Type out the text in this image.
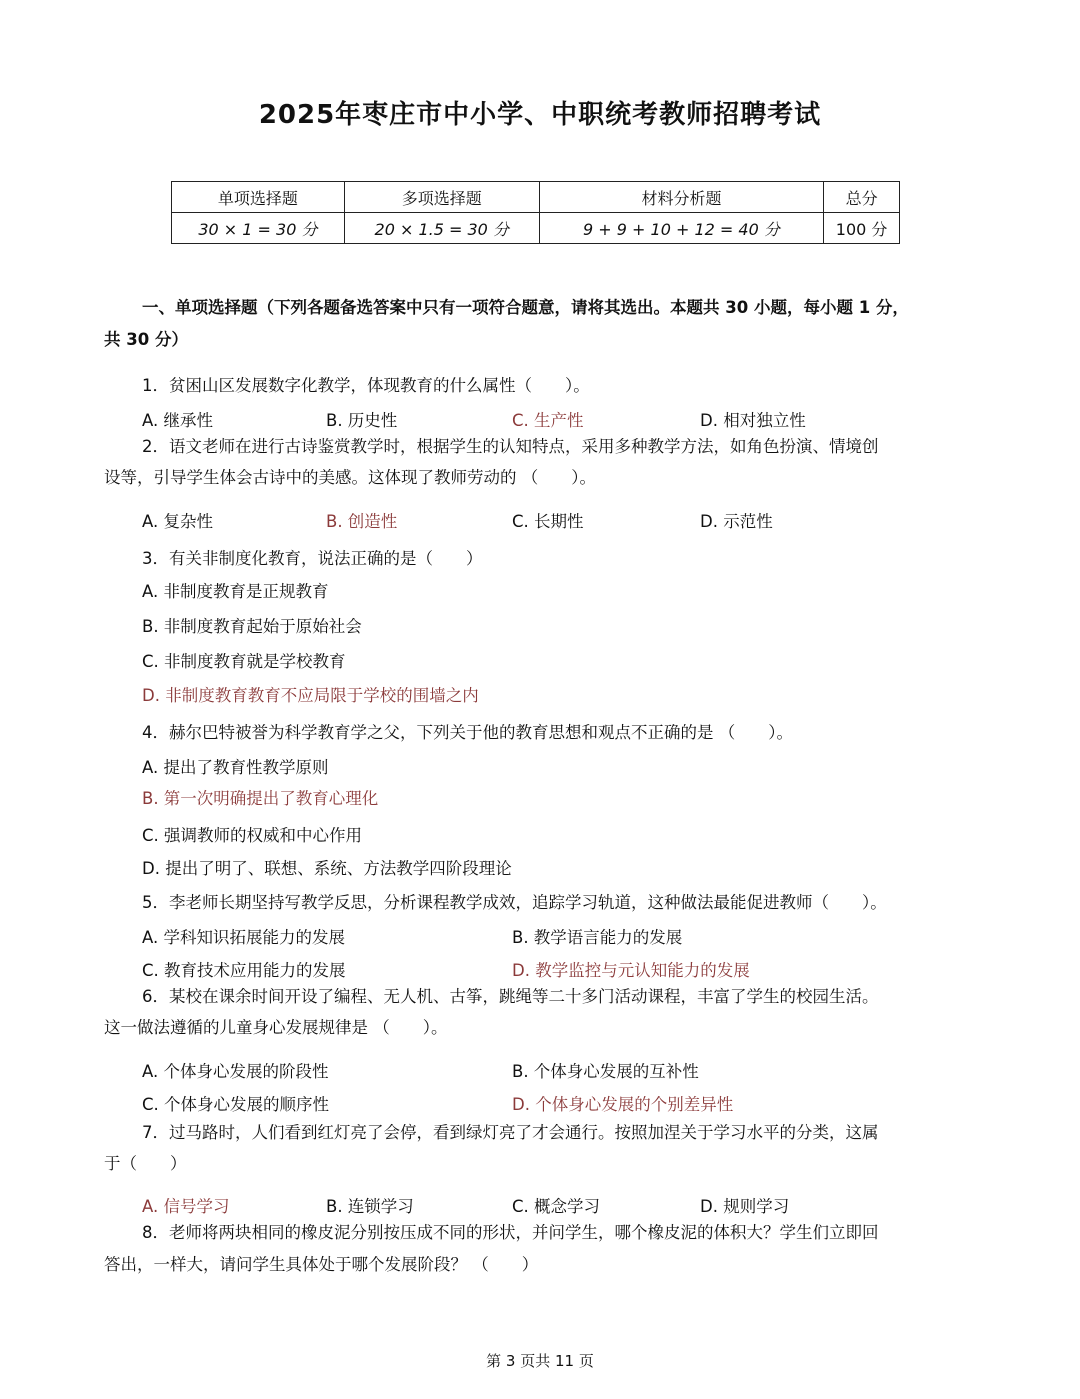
2025年枣庄市中小学、中职统考教师招聘考试
单项选择题	多项选择题	材料分析题	总分
30 × 1 = 30 分	20 × 1.5 = 30 分	9 + 9 + 10 + 12 = 40 分	100 分
一、单项选择题（下列各题备选答案中只有一项符合题意，请将其选出。本题共 30 小题，每小题 1 分，
共 30 分）
1．贫困山区发展数字化教学，体现教育的什么属性（　　）。
A. 继承性	B. 历史性	C. 生产性	D. 相对独立性
2．语文老师在进行古诗鉴赏教学时，根据学生的认知特点，采用多种教学方法，如角色扮演、情境创
设等，引导学生体会古诗中的美感。这体现了教师劳动的 （　　）。
A. 复杂性	B. 创造性	C. 长期性	D. 示范性
3．有关非制度化教育，说法正确的是（　　）
A. 非制度教育是正规教育
B. 非制度教育起始于原始社会
C. 非制度教育就是学校教育
D. 非制度教育教育不应局限于学校的围墙之内
4．赫尔巴特被誉为科学教育学之父，下列关于他的教育思想和观点不正确的是 （　　）。
A. 提出了教育性教学原则
B. 第一次明确提出了教育心理化
C. 强调教师的权威和中心作用
D. 提出了明了、联想、系统、方法教学四阶段理论
5．李老师长期坚持写教学反思，分析课程教学成效，追踪学习轨道，这种做法最能促进教师（　　）。
A. 学科知识拓展能力的发展	B. 教学语言能力的发展
C. 教育技术应用能力的发展	D. 教学监控与元认知能力的发展
6．某校在课余时间开设了编程、无人机、古筝，跳绳等二十多门活动课程，丰富了学生的校园生活。
这一做法遵循的儿童身心发展规律是 （　　）。
A. 个体身心发展的阶段性	B. 个体身心发展的互补性
C. 个体身心发展的顺序性	D. 个体身心发展的个别差异性
7．过马路时，人们看到红灯亮了会停，看到绿灯亮了才会通行。按照加涅关于学习水平的分类，这属
于（　　）
A. 信号学习	B. 连锁学习	C. 概念学习	D. 规则学习
8．老师将两块相同的橡皮泥分别按压成不同的形状，并问学生，哪个橡皮泥的体积大？学生们立即回
答出，一样大，请问学生具体处于哪个发展阶段？ （　　）
第 3 页共 11 页
